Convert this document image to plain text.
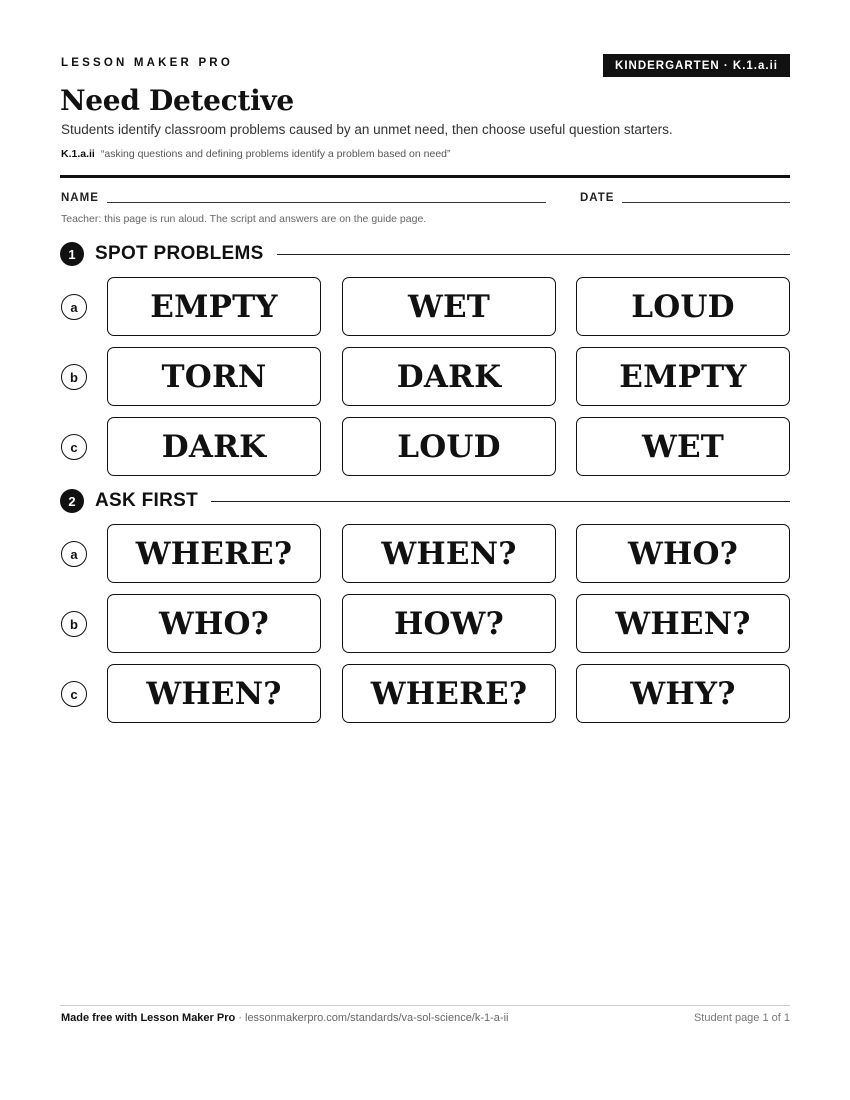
LESSON MAKER PRO	KINDERGARTEN · K.1.a.ii
Need Detective

Students identify classroom problems caused by an unmet need, then choose useful question starters.

K.1.a.ii “asking questions and defining problems identify a problem based on need”

NAME	DATE

Teacher: this page is run aloud. The script and answers are on the guide page.

1	SPOT PROBLEMS
a	EMPTY	WET	LOUD
b	TORN	DARK	EMPTY
c	DARK	LOUD	WET
2	ASK FIRST
a	WHERE?	WHEN?	WHO?
b	WHO?	HOW?	WHEN?
c	WHEN?	WHERE?	WHY?

Made free with Lesson Maker Pro · lessonmakerpro.com/standards/va-sol-science/k-1-a-ii	Student page 1 of 1
